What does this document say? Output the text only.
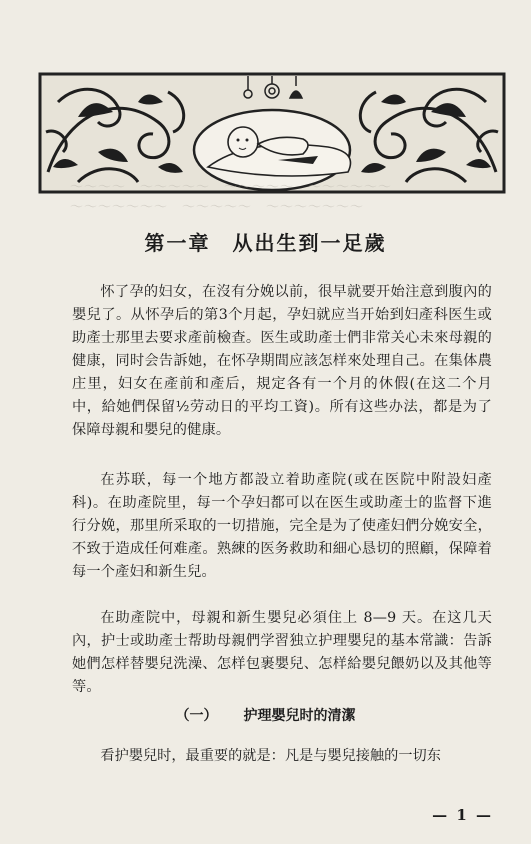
～～～～　～～～～～　～～～～～　～～～～～～
～～～～～～～　～～～～～　～～～～～～～
第一章　从出生到一足歲

怀了孕的妇女，在沒有分娩以前，很早就要开始注意到腹內的嬰兒了。从怀孕后的第3个月起，孕妇就应当开始到妇產科医生或助產士那里去要求產前檢查。医生或助產士們非常关心未來母親的健康，同时会告訴她，在怀孕期間应該怎样來处理自己。在集体農庄里，妇女在產前和產后，規定各有一个月的休假(在这二个月中，給她們保留½劳动日的平均工資)。所有这些办法，都是为了保障母親和嬰兒的健康。

在苏联，每一个地方都設立着助產院(或在医院中附設妇產科)。在助產院里，每一个孕妇都可以在医生或助產士的监督下進行分娩，那里所采取的一切措施，完全是为了使產妇們分娩安全，不致于造成任何难產。熟練的医务救助和細心恳切的照顧，保障着每一个產妇和新生兒。

在助產院中，母親和新生嬰兒必須住上 8—9 天。在这几天內，护士或助產士帮助母親們学習独立护理嬰兒的基本常識：告訴她們怎样替嬰兒洗澡、怎样包裹嬰兒、怎样給嬰兒餵奶以及其他等等。

（一） 护理嬰兒时的清潔
看护嬰兒时，最重要的就是：凡是与嬰兒接触的一切东
— 1 —
